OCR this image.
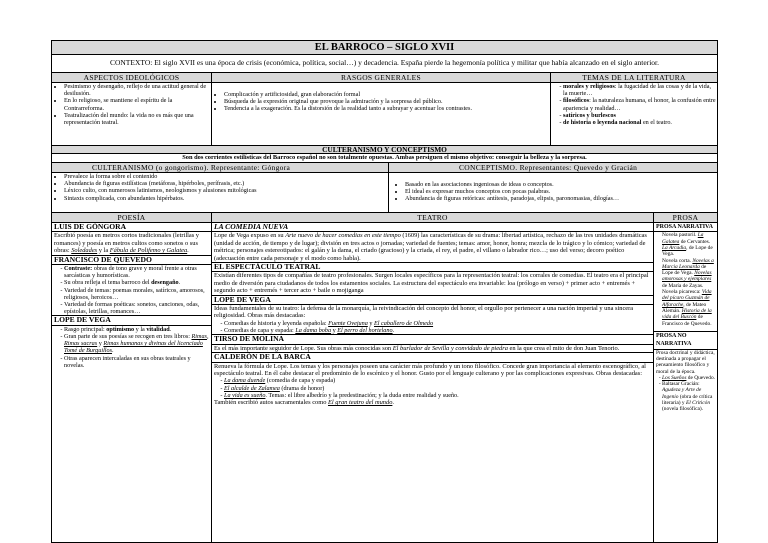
EL BARROCO – SIGLO XVII
CONTEXTO: El siglo XVII es una época de crisis (económica, política, social…) y decadencia. España pierde la hegemonía política y militar que había alcanzado en el siglo anterior.
ASPECTOS IDEOLÓGICOS
• Pesimismo y desengaño, reflejo de una actitud general de desilusión.
• En lo religioso, se mantiene el espíritu de la Contrarreforma.
• Teatralización del mundo: la vida no es más que una representación teatral.
RASGOS GENERALES
• Complicación y artificiosidad, gran elaboración formal
• Búsqueda de la expresión original que provoque la admiración y la sorpresa del público.
• Tendencia a la exageración. Es la distorsión de la realidad tanto a subrayar y acentuar los contrastes.
TEMAS DE LA LITERATURA
- morales y religiosos: la fugacidad de las cosas y de la vida, la muerte…
- filosóficos: la naturaleza humana, el honor, la confusión entre apariencia y realidad…
- satíricos y burlescos
- de historia o leyenda nacional en el teatro.
CULTERANISMO Y CONCEPTISMO
Son dos corrientes estilísticas del Barroco español no son totalmente opuestas. Ambas persiguen el mismo objetivo: conseguir la belleza y la sorpresa.
CULTERANISMO (o gongorismo). Representante: Góngora
• Prevalece la forma sobre el contenido
• Abundancia de figuras estilísticas (metáforas, hipérboles, perífrasis, etc.)
• Léxico culto, con numerosos latinismos, neologismos y alusiones mitológicas
• Sintaxis complicada, con abundantes hipérbatos.
CONCEPTISMO. Representantes: Quevedo y Gracián
• Basado en las asociaciones ingeniosas de ideas o conceptos.
• El ideal es expresar muchos conceptos con pocas palabras.
• Abundancia de figuras retóricas: antítesis, paradojas, elipsis, paronomasias, dilogías…
POESÍA
LUIS DE GÓNGORA
Escribió poesía en metros cortos tradicionales (letrillas y romances) y poesía en metros cultos como sonetos o sus obras: Soledades y la Fábula de Polifemo y Galatea.
FRANCISCO DE QUEVEDO
- Contraste: obras de tono grave y moral frente a otras sarcásticas y humorísticas.
- Su obra refleja el tema barroco del desengaño.
- Variedad de temas: poemas morales, satíricos, amorosos, religiosos, heroicos…
- Variedad de formas poéticas: sonetos, canciones, odas, epístolas, letrillas, romances…
LOPE DE VEGA
- Rasgo principal: optimismo y la vitalidad.
- Gran parte de sus poesías se recogen en tres libros: Rimas, Rimas sacras y Rimas humanas y divinas del licenciado Tomé de Burguillos.
- Otras aparecen intercaladas en sus obras teatrales y novelas.
TEATRO
LA COMEDIA NUEVA
Lope de Vega expuso en su Arte nuevo de hacer comedias en este tiempo (1609) las características de su drama: libertad artística, rechazo de las tres unidades dramáticas (unidad de acción, de tiempo y de lugar); división en tres actos o jornadas; variedad de fuentes; temas: amor, honor, honra; mezcla de lo trágico y lo cómico; variedad de métrica; personajes estereotipados: el galán y la dama, el criado (gracioso) y la criada, el rey, el padre, el villano o labrador rico…; uso del verso; decoro poético (adecuación entre cada personaje y el modo como habla).
EL ESPECTÁCULO TEATRAL
Existían diferentes tipos de compañías de teatro profesionales. Surgen locales específicos para la representación teatral: los corrales de comedias. El teatro era el principal medio de diversión para ciudadanos de todos los estamentos sociales. La estructura del espectáculo era invariable: loa (prólogo en verso) + primer acto + entremés + segundo acto + entremés + tercer acto + baile o mojiganga
LOPE DE VEGA
Ideas fundamentales de su teatro: la defensa de la monarquía, la reivindicación del concepto del honor, el orgullo por pertenecer a una nación imperial y una sincera religiosidad. Obras más destacadas:
- Comedias de historia y leyenda española: Fuente Ovejuna y El caballero de Olmedo
- Comedias de capa y espada: La dama boba y El perro del hortelano.
TIRSO DE MOLINA
Es el más importante seguidor de Lope. Sus obras más conocidas son El burlador de Sevilla y convidado de piedra en la que crea el mito de don Juan Tenorio.
CALDERÓN DE LA BARCA
Renueva la fórmula de Lope. Los temas y los personajes poseen una carácter más profundo y un tono filosófico. Concede gran importancia al elemento escenográfico, al espectáculo teatral. En él cabe destacar el predominio de lo escénico y el honor. Gusto por el lenguaje culterano y por las complicaciones expresivas. Obras destacadas:
- La dama duende (comedia de capa y espada)
- El alcalde de Zalamea (drama de honor)
- La vida es sueño. Temas: el libre albedrío y la predestinación; y la duda entre realidad y sueño.
También escribió autos sacramentales como El gran teatro del mundo.
PROSA
PROSA NARRATIVA
• Novela pastoril. La Galatea de Cervantes. La Arcadia, de Lope de Vega.
• Novela corta. Novelas a Marcia Leonarda de Lope de Vega. Novelas amorosas y ejemplares de María de Zayas.
• Novela picaresca: Vida del pícaro Guzmán de Alfarache, de Mateo Alemán. Historia de la vida del Buscón de Francisco de Quevedo.
PROSA NO NARRATIVA
Prosa doctrinal y didáctica, destinada a propagar el pensamiento filosófico y moral de la época.
- Los Sueños de Quevedo.
- Baltasar Gracián: Agudeza y Arte de Ingenio (obra de crítica literaria) y El Criticón (novela filosófica).
